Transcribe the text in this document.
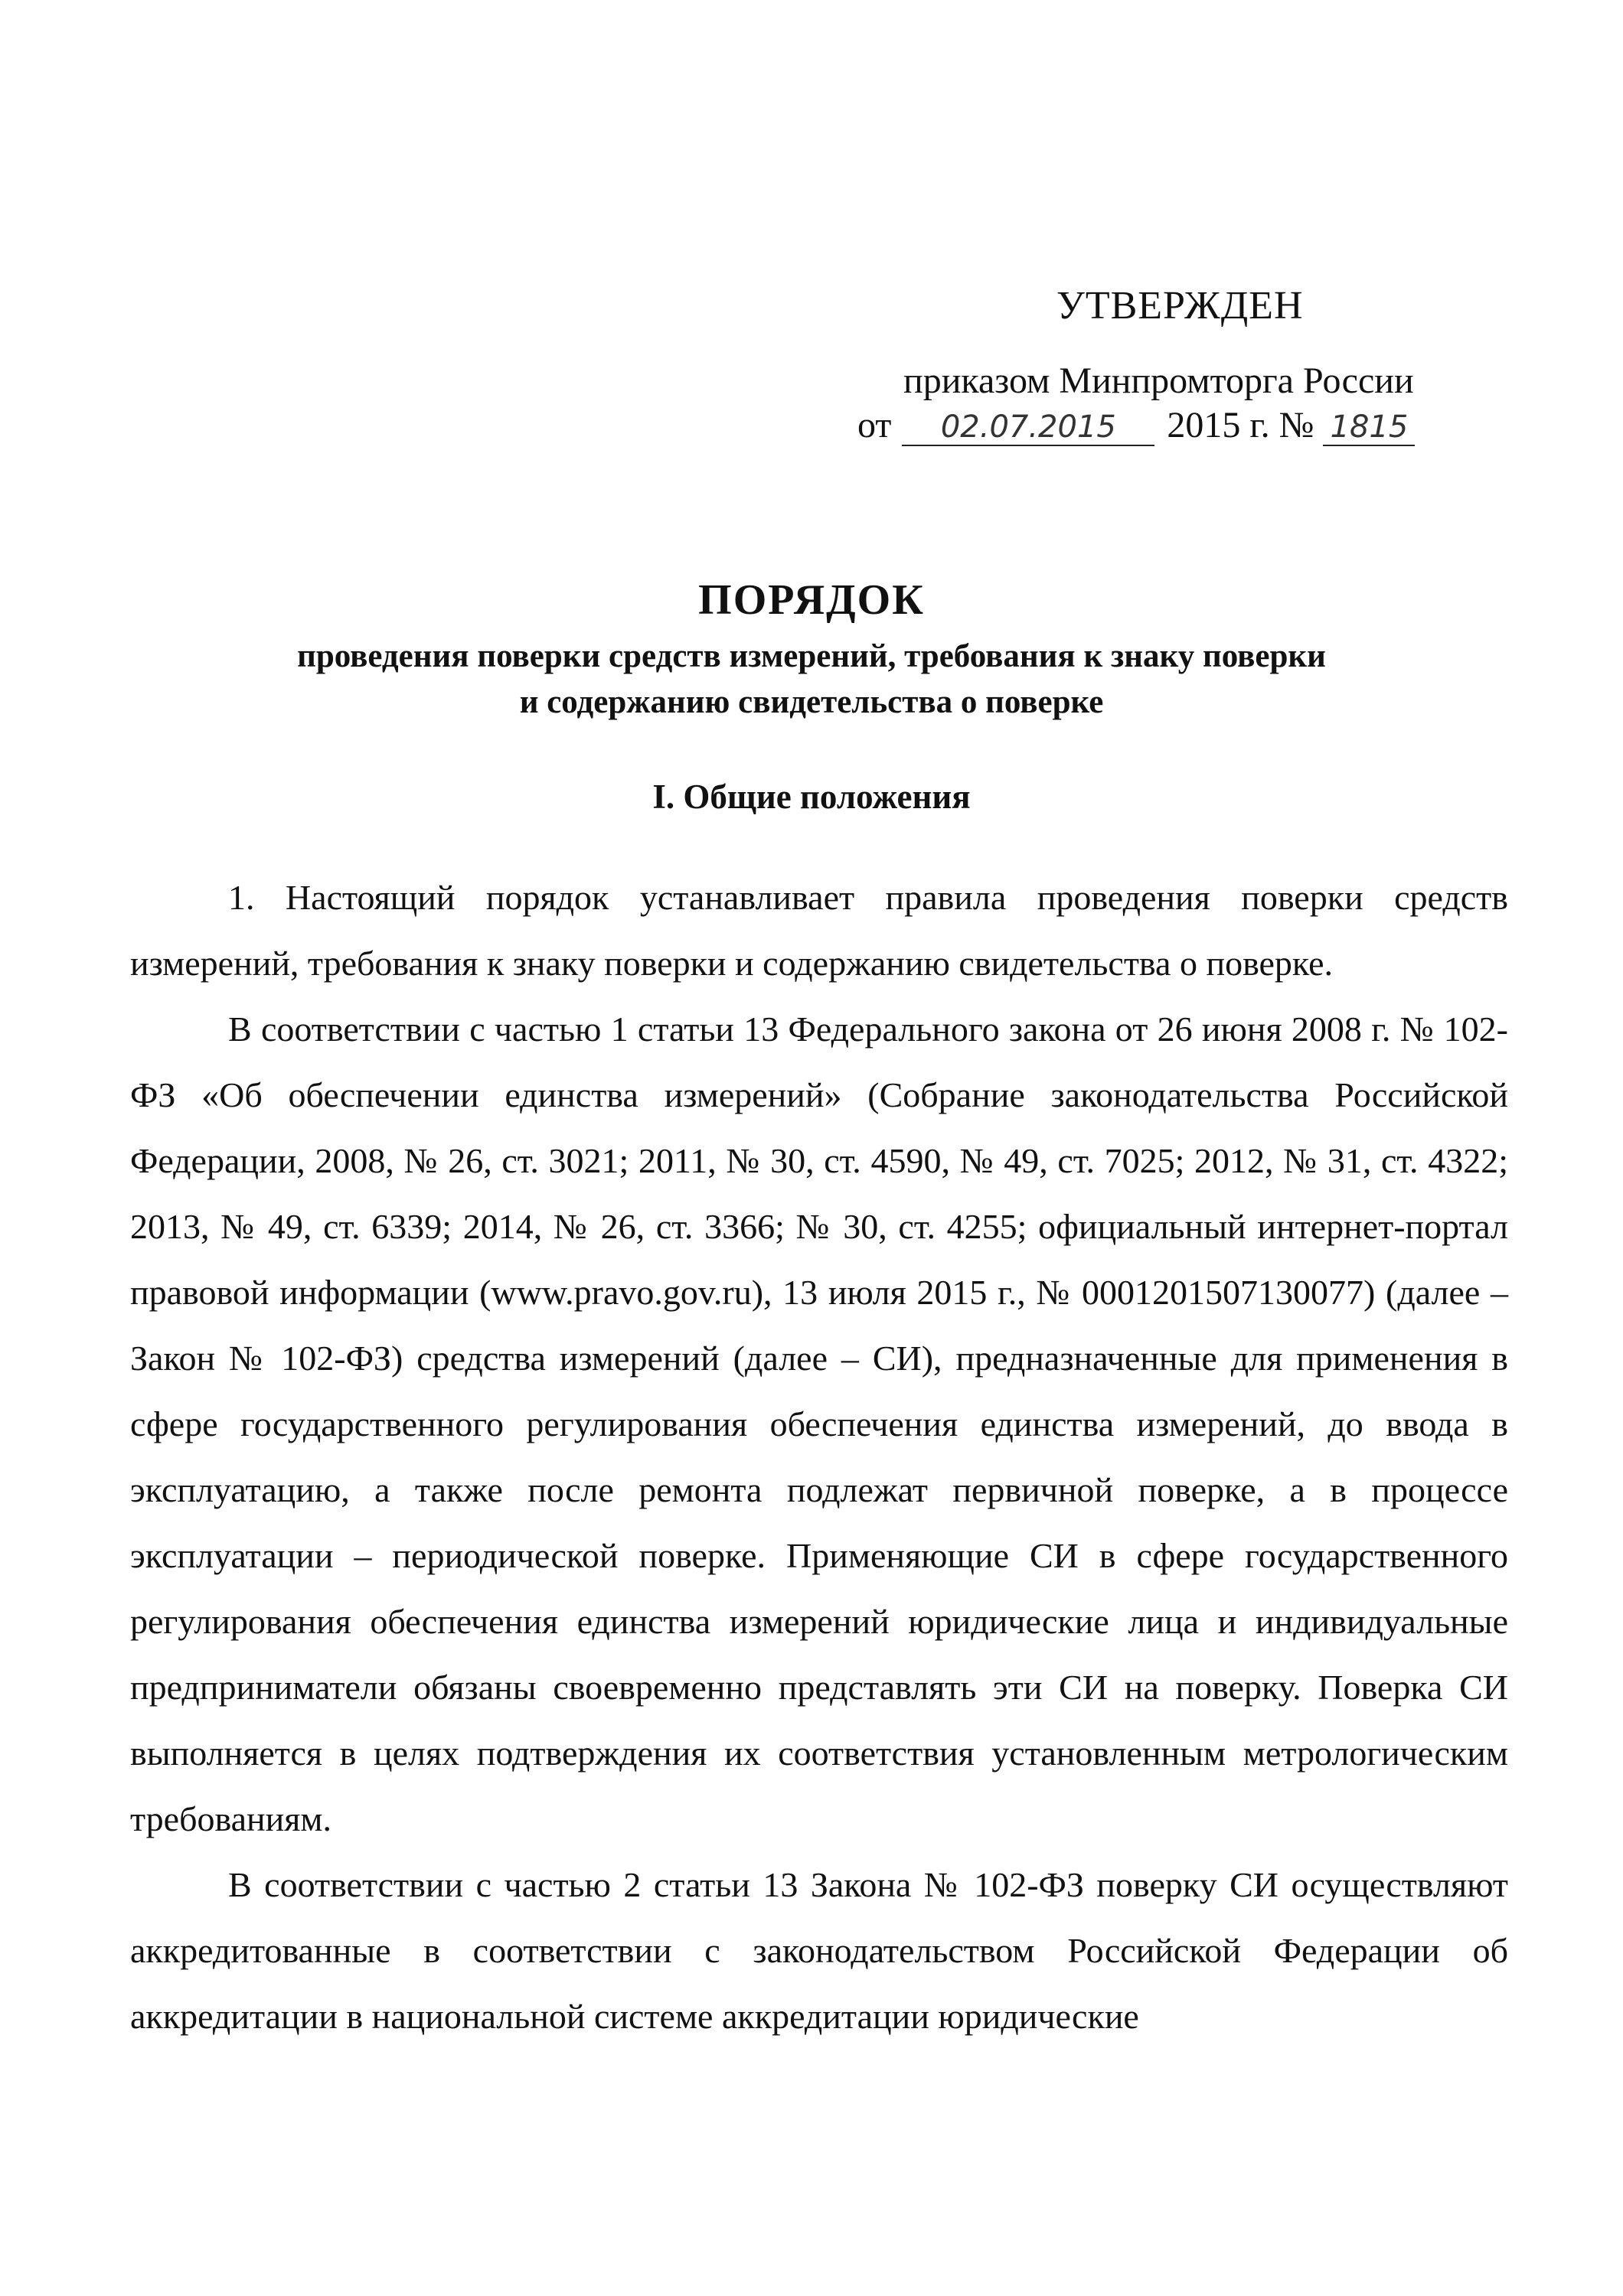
УТВЕРЖДЕН
приказом Минпромторга России
от	02.07.2015	2015 г. № 1815
ПОРЯДОК
проведения поверки средств измерений, требования к знаку поверки
и содержанию свидетельства о поверке
I. Общие положения

1. Настоящий порядок устанавливает правила проведения поверки средств измерений, требования к знаку поверки и содержанию свидетельства о поверке.

В соответствии с частью 1 статьи 13 Федерального закона от 26 июня 2008 г. № 102-ФЗ «Об обеспечении единства измерений» (Собрание законодательства Российской Федерации, 2008, № 26, ст. 3021; 2011, № 30, ст. 4590, № 49, ст. 7025; 2012, № 31, ст. 4322; 2013, № 49, ст. 6339; 2014, № 26, ст. 3366; № 30, ст. 4255; официальный интернет-портал правовой информации (www.pravo.gov.ru), 13 июля 2015 г., № 0001201507130077) (далее – Закон № 102-ФЗ) средства измерений (далее – СИ), предназначенные для применения в сфере государственного регулирования обеспечения единства измерений, до ввода в эксплуатацию, а также после ремонта подлежат первичной поверке, а в процессе эксплуатации – периодической поверке. Применяющие СИ в сфере государственного регулирования обеспечения единства измерений юридические лица и индивидуальные предприниматели обязаны своевременно представлять эти СИ на поверку. Поверка СИ выполняется в целях подтверждения их соответствия установленным метрологическим требованиям.

В соответствии с частью 2 статьи 13 Закона № 102-ФЗ поверку СИ осуществляют аккредитованные в соответствии с законодательством Российской Федерации об аккредитации в национальной системе аккредитации юридические
